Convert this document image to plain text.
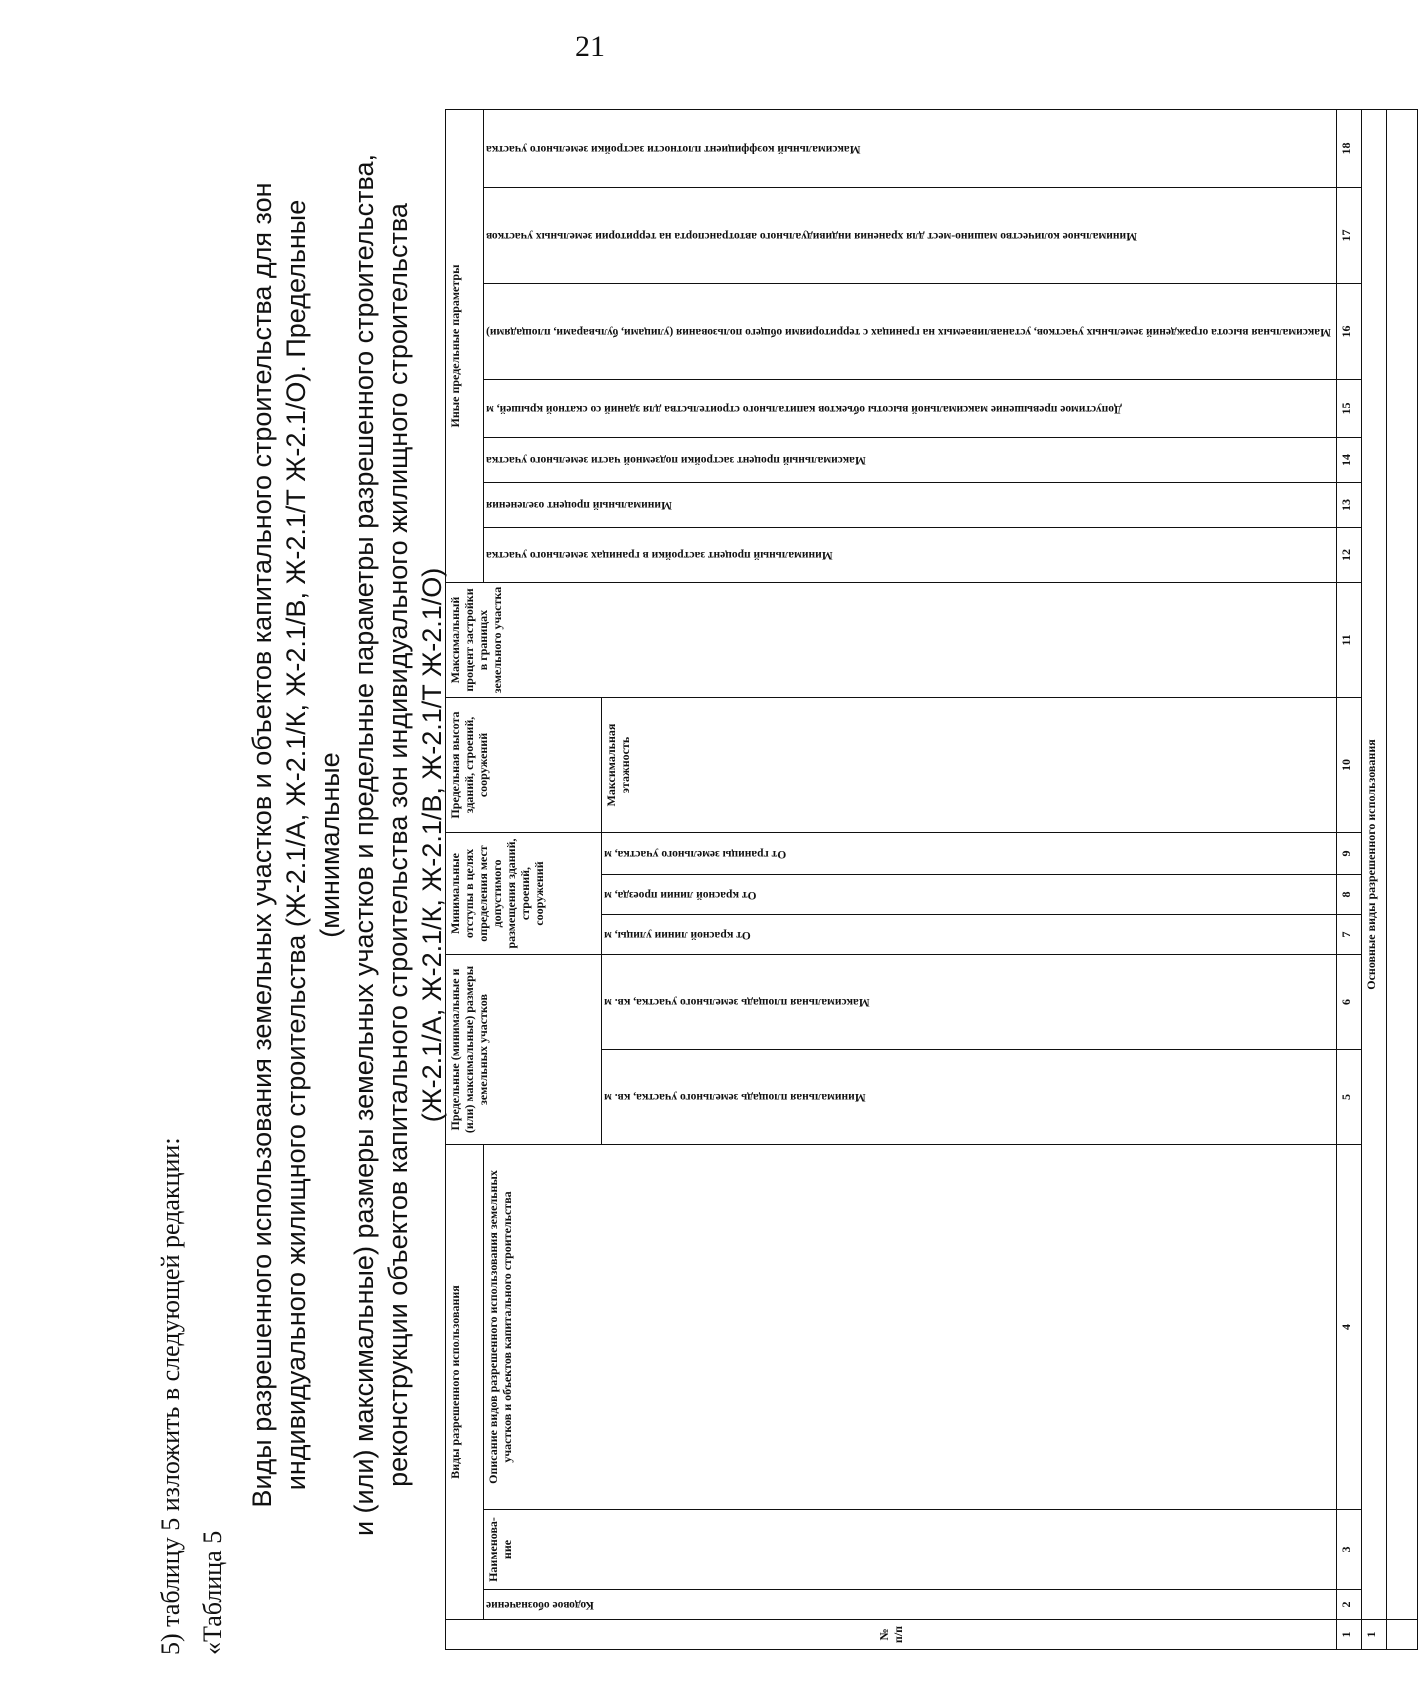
21
5) таблицу 5 изложить в следующей редакции: «Таблица 5

Виды разрешенного использования земельных участков и объектов капитального строительства для зон индивидуального жилищного строительства (Ж-2.1/А, Ж-2.1/К, Ж-2.1/В, Ж-2.1/Т Ж-2.1/О). Предельные (минимальные и (или) максимальные) размеры земельных участков и предельные параметры разрешенного строительства, реконструкции объектов капитального строительства зон индивидуального жилищного строительства (Ж-2.1/А, Ж-2.1/К, Ж-2.1/В, Ж-2.1/Т Ж-2.1/О)

№ п/п	Виды разрешенного использования			Предельные (минимальные и (или) максимальные) размеры земельных участков		Минимальные отступы в целях определения мест допустимого размещения зданий, строений, сооружений			Предельная высота зданий, строений, сооружений	Максимальный процент застройки в границах земельного участка	Иные предельные параметры						
	Кодовое обозначение	Наименова-ние	Описание видов разрешенного использования земельных участков и объектов капитального строительства								Минимальный процент застройки в границах земельного участка	Минимальный процент озеленения	Максимальный процент застройки подземной части земельного участка	Допустимое превышение максимальной высоты объектов капитального строительства для зданий со скатной крышей, м	Максимальная высота ограждений земельных участков, устанавливаемых на границах с территориями общего пользования (улицами, бульварами, площадями)	Минимальное количество машино-мест для хранения индивидуального автотранспорта на территории земельных участков	Максимальный коэффициент плотности застройки земельного участка
				Минимальная площадь земельного участка, кв. м	Максимальная площадь земельного участка, кв. м	От красной линии улицы, м	От красной линии проезда, м	От границы земельного участка, м	Максимальная этажность								
1	2	3	4	5	6	7	8	9	10	11	12	13	14	15	16	17	18
1	Основные виды разрешенного использования																
